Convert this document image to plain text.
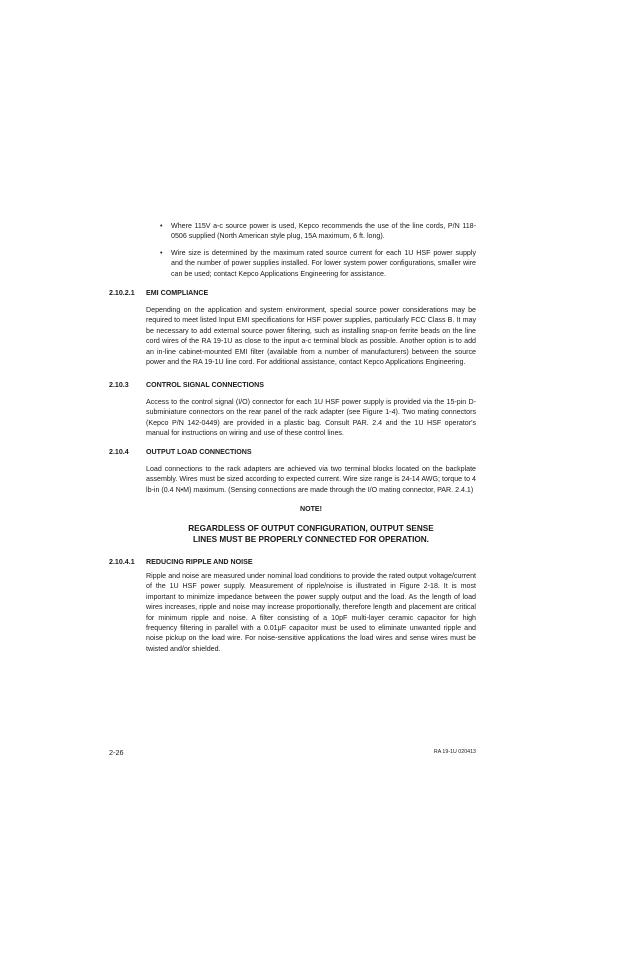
• Where 115V a-c source power is used, Kepco recommends the use of the line cords, P/N 118-0506 supplied (North American style plug, 15A maximum, 6 ft. long).
• Wire size is determined by the maximum rated source current for each 1U HSF power supply and the number of power supplies installed. For lower system power configurations, smaller wire can be used; contact Kepco Applications Engineering for assistance.
2.10.2.1	EMI COMPLIANCE
Depending on the application and system environment, special source power considerations may be required to meet listed Input EMI specifications for HSF power supplies, particularly FCC Class B. It may be necessary to add external source power filtering, such as installing snap-on ferrite beads on the line cord wires of the RA 19-1U as close to the input a-c terminal block as possible. Another option is to add an in-line cabinet-mounted EMI filter (available from a number of manufacturers) between the source power and the RA 19-1U line cord. For additional assistance, contact Kepco Applications Engineering.
2.10.3	CONTROL SIGNAL CONNECTIONS
Access to the control signal (I/O) connector for each 1U HSF power supply is provided via the 15-pin D-subminiature connectors on the rear panel of the rack adapter (see Figure 1-4). Two mating connectors (Kepco P/N 142-0449) are provided in a plastic bag. Consult PAR. 2.4 and the 1U HSF operator's manual for instructions on wiring and use of these control lines.
2.10.4	OUTPUT LOAD CONNECTIONS
Load connections to the rack adapters are achieved via two terminal blocks located on the backplate assembly. Wires must be sized according to expected current. Wire size range is 24-14 AWG; torque to 4 lb-in (0.4 N•M) maximum. (Sensing connections are made through the I/O mating connector, PAR. 2.4.1)
NOTE!
REGARDLESS OF OUTPUT CONFIGURATION, OUTPUT SENSE
LINES MUST BE PROPERLY CONNECTED FOR OPERATION.
2.10.4.1	REDUCING RIPPLE AND NOISE
Ripple and noise are measured under nominal load conditions to provide the rated output voltage/current of the 1U HSF power supply. Measurement of ripple/noise is illustrated in Figure 2-18. It is most important to minimize impedance between the power supply output and the load. As the length of load wires increases, ripple and noise may increase proportionally, therefore length and placement are critical for minimum ripple and noise. A filter consisting of a 10pF multi-layer ceramic capacitor for high frequency filtering in parallel with a 0.01μF capacitor must be used to eliminate unwanted ripple and noise pickup on the load wire. For noise-sensitive applications the load wires and sense wires must be twisted and/or shielded.
2-26	RA 19-1U 020413
